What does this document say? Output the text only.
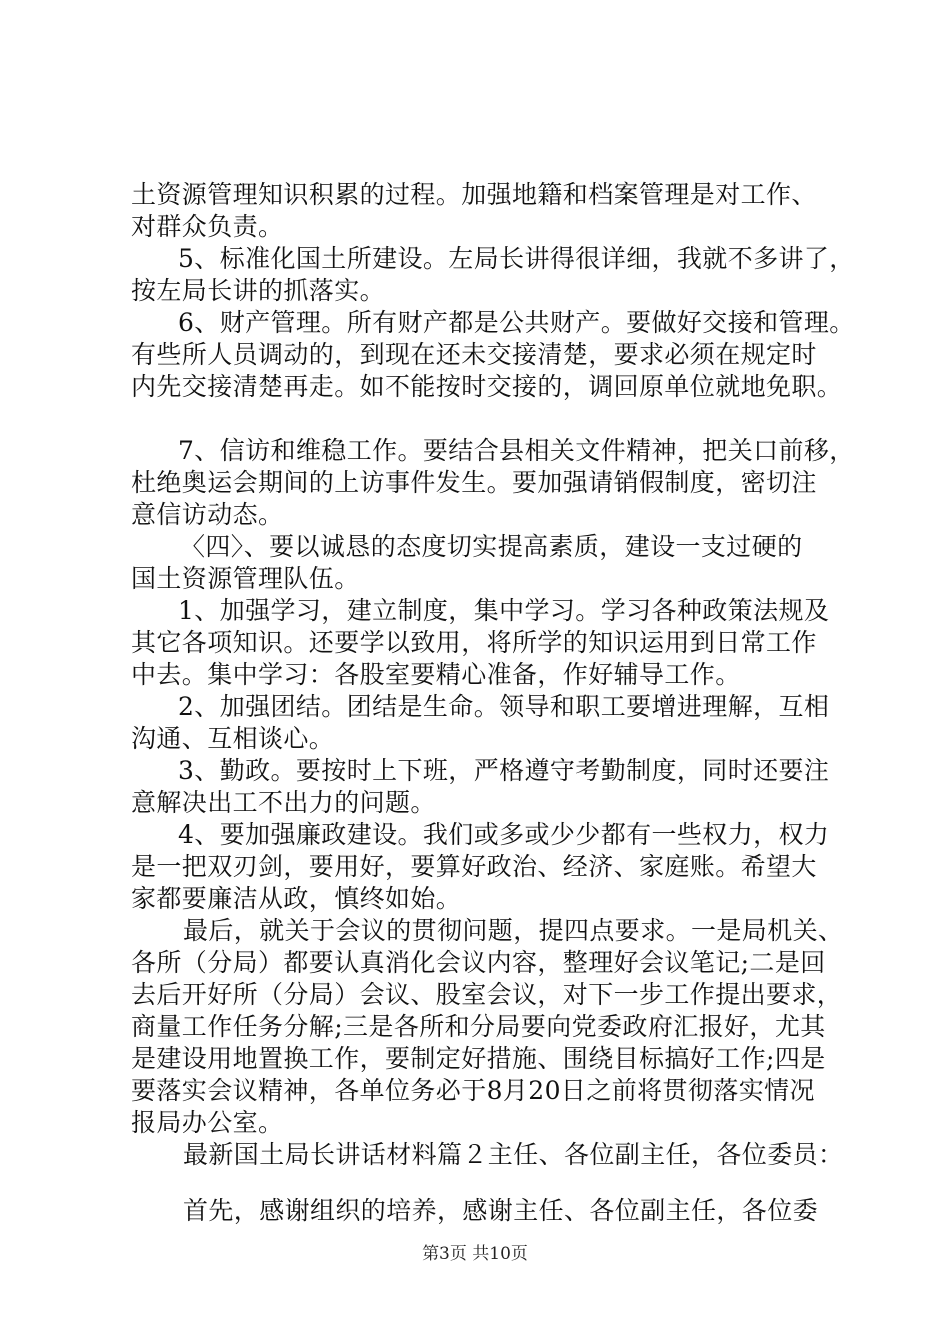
土资源管理知识积累的过程。加强地籍和档案管理是对工作、
对群众负责。
5、标准化国土所建设。左局长讲得很详细，我就不多讲了，
按左局长讲的抓落实。
6、财产管理。所有财产都是公共财产。要做好交接和管理。
有些所人员调动的，到现在还未交接清楚，要求必须在规定时
内先交接清楚再走。如不能按时交接的，调回原单位就地免职。
7、信访和维稳工作。要结合县相关文件精神，把关口前移，
杜绝奥运会期间的上访事件发生。要加强请销假制度，密切注
意信访动态。
〈四〉、要以诚恳的态度切实提高素质，建设一支过硬的
国土资源管理队伍。
1、加强学习，建立制度，集中学习。学习各种政策法规及
其它各项知识。还要学以致用，将所学的知识运用到日常工作
中去。集中学习：各股室要精心准备，作好辅导工作。
2、加强团结。团结是生命。领导和职工要增进理解，互相
沟通、互相谈心。
3、勤政。要按时上下班，严格遵守考勤制度，同时还要注
意解决出工不出力的问题。
4、要加强廉政建设。我们或多或少少都有一些权力，权力
是一把双刃剑，要用好，要算好政治、经济、家庭账。希望大
家都要廉洁从政，慎终如始。
最后，就关于会议的贯彻问题，提四点要求。一是局机关、
各所（分局）都要认真消化会议内容，整理好会议笔记;二是回
去后开好所（分局）会议、股室会议，对下一步工作提出要求，
商量工作任务分解;三是各所和分局要向党委政府汇报好，尤其
是建设用地置换工作，要制定好措施、围绕目标搞好工作;四是
要落实会议精神，各单位务必于8月20日之前将贯彻落实情况
报局办公室。
最新国土局长讲话材料篇２主任、各位副主任，各位委员：
首先，感谢组织的培养，感谢主任、各位副主任，各位委
第3页 共10页
